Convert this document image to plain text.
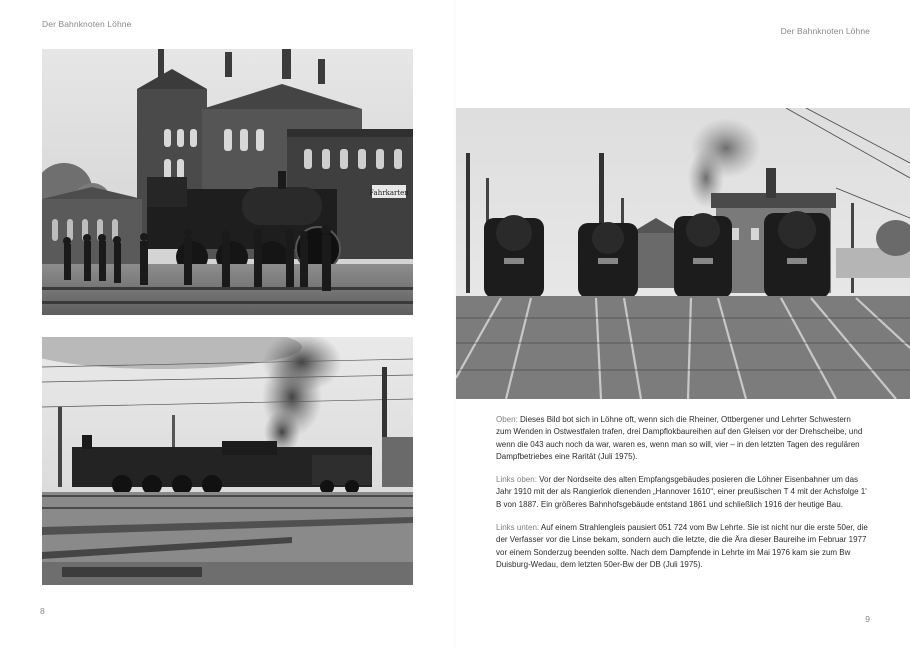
Der Bahnknoten Löhne
Fahrkarten
8
Der Bahnknoten Löhne
9

Oben: Dieses Bild bot sich in Löhne oft, wenn sich die Rheiner, Ottbergener und Lehrter Schwestern zum Wenden in Ostwestfalen trafen, drei Dampflokbaureihen auf den Gleisen vor der Drehscheibe, und wenn die 043 auch noch da war, waren es, wenn man so will, vier – in den letzten Tagen des regulären Dampfbetriebes eine Rarität (Juli 1975).

Links oben: Vor der Nordseite des alten Empfangsgebäudes posieren die Löhner Eisenbahner um das Jahr 1910 mit der als Rangierlok dienenden „Hannover 1610“, einer preußischen T 4 mit der Achsfolge 1' B von 1887. Ein größeres Bahnhofsgebäude entstand 1861 und schließlich 1916 der heutige Bau.

Links unten: Auf einem Strahlengleis pausiert 051 724 vom Bw Lehrte. Sie ist nicht nur die erste 50er, die der Verfasser vor die Linse bekam, sondern auch die letzte, die die Ära dieser Baureihe im Februar 1977 vor einem Sonderzug beenden sollte. Nach dem Dampfende in Lehrte im Mai 1976 kam sie zum Bw Duisburg-Wedau, dem letzten 50er-Bw der DB (Juli 1975).
